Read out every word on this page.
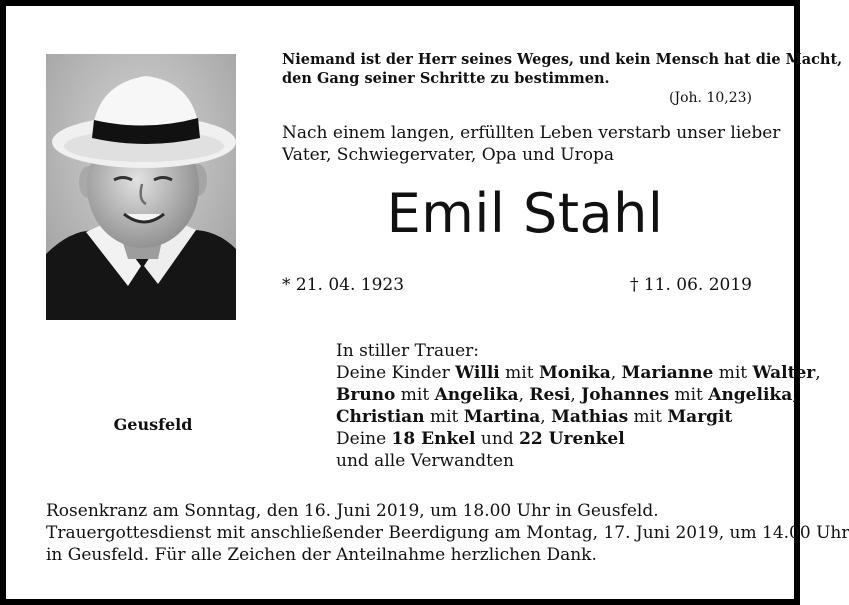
Geusfeld
Niemand ist der Herr seines Weges, und kein Mensch hat die Macht,
den Gang seiner Schritte zu bestimmen.
(Joh. 10,23)
Nach einem langen, erfüllten Leben verstarb unser lieber
Vater, Schwiegervater, Opa und Uropa
Emil Stahl
* 21. 04. 1923	† 11. 06. 2019
In stiller Trauer:
Deine Kinder Willi mit Monika, Marianne mit Walter,
Bruno mit Angelika, Resi, Johannes mit Angelika,
Christian mit Martina, Mathias mit Margit
Deine 18 Enkel und 22 Urenkel
und alle Verwandten
Rosenkranz am Sonntag, den 16. Juni 2019, um 18.00 Uhr in Geusfeld.
Trauergottesdienst mit anschließender Beerdigung am Montag, 17. Juni 2019, um 14.00 Uhr
in Geusfeld. Für alle Zeichen der Anteilnahme herzlichen Dank.
